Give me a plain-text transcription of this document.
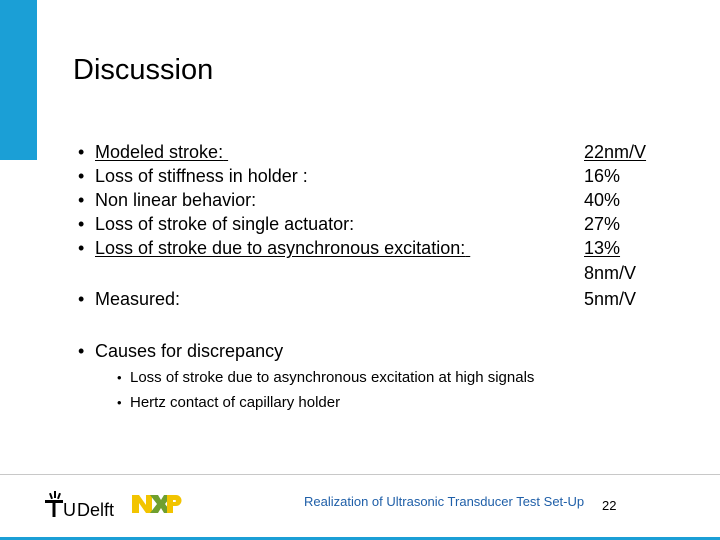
Discussion
• Modeled stroke:
• Loss of stiffness in holder :
• Non linear behavior:
• Loss of stroke of single actuator:
• Loss of stroke due to asynchronous excitation:
• Measured:
• Causes for discrepancy
22nm/V
16%
40%
27%
13%
8nm/V
5nm/V
• Loss of stroke due to asynchronous excitation at high signals
• Hertz contact of capillary holder
U Delft	Realization of Ultrasonic Transducer Test Set-Up 22
